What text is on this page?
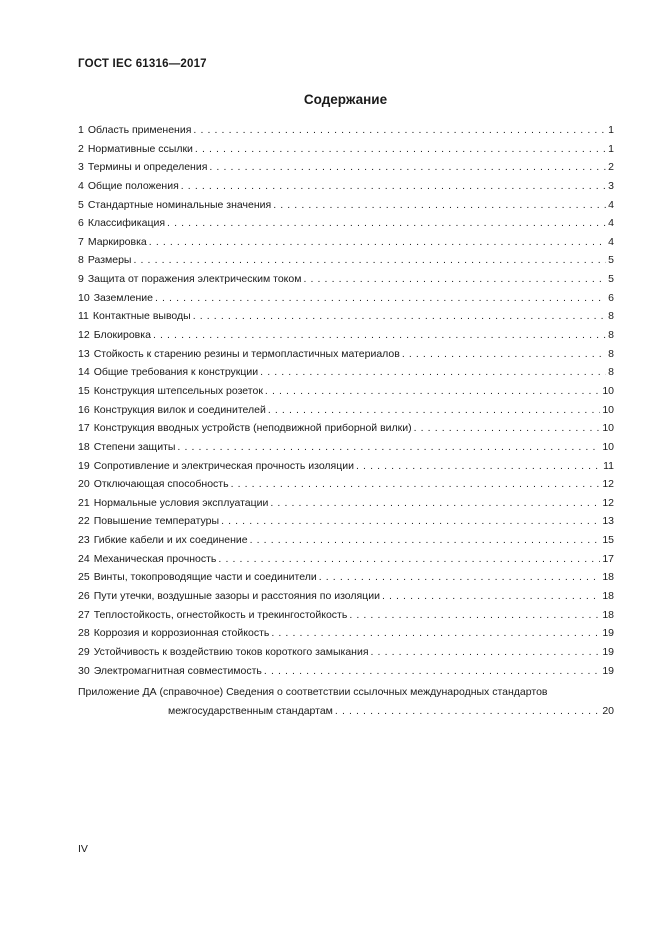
ГОСТ IEC 61316—2017
Содержание
1 Область применения . . .	1
2 Нормативные ссылки . . .	1
3 Термины и определения . . .	2
4 Общие положения . . .	3
5 Стандартные номинальные значения . . .	4
6 Классификация . . .	4
7 Маркировка . . .	4
8 Размеры . . .	5
9 Защита от поражения электрическим током . . .	5
10 Заземление . . .	6
11 Контактные выводы . . .	8
12 Блокировка . . .	8
13 Стойкость к старению резины и термопластичных материалов . . .	8
14 Общие требования к конструкции . . .	8
15 Конструкция штепсельных розеток . . .	10
16 Конструкция вилок и соединителей . . .	10
17 Конструкция вводных устройств (неподвижной приборной вилки) . . .	10
18 Степени защиты . . .	10
19 Сопротивление и электрическая прочность изоляции . . .	11
20 Отключающая способность . . .	12
21 Нормальные условия эксплуатации . . .	12
22 Повышение температуры . . .	13
23 Гибкие кабели и их соединение . . .	15
24 Механическая прочность . . .	17
25 Винты, токопроводящие части и соединители . . .	18
26 Пути утечки, воздушные зазоры и расстояния по изоляции . . .	18
27 Теплостойкость, огнестойкость и трекингостойкость . . .	18
28 Коррозия и коррозионная стойкость . . .	19
29 Устойчивость к воздействию токов короткого замыкания . . .	19
30 Электромагнитная совместимость . . .	19
Приложение ДА (справочное) Сведения о соответствии ссылочных международных стандартов
межгосударственным стандартам . . .	20
IV
